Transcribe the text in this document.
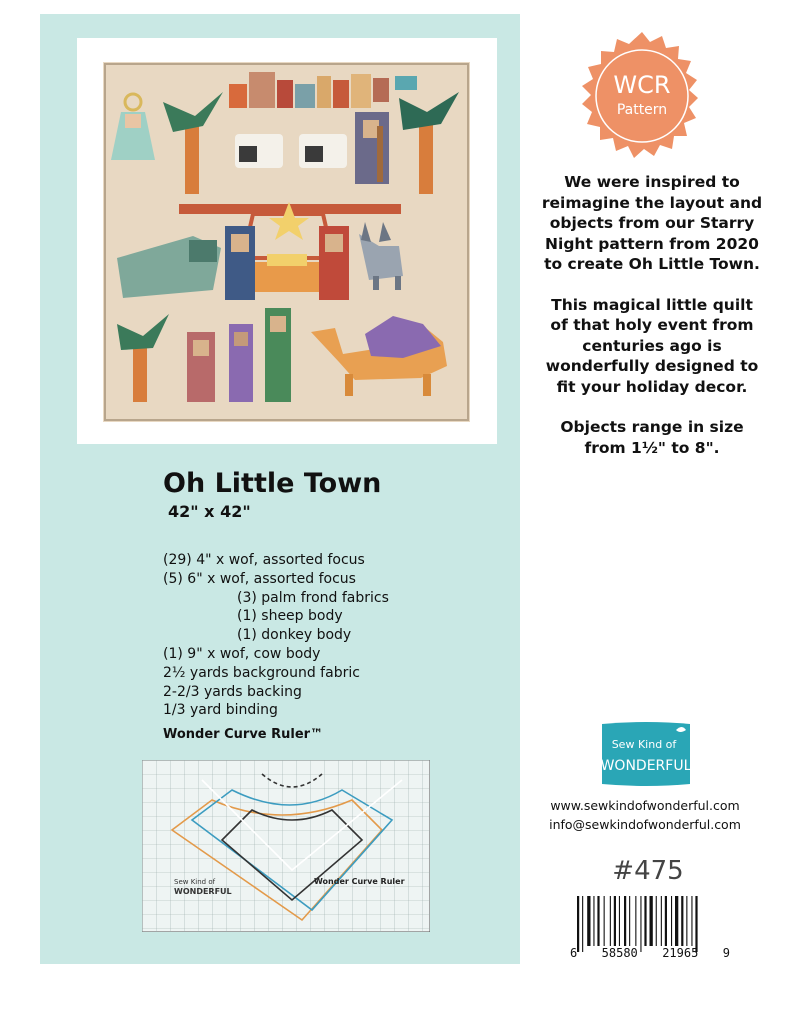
Oh Little Town
42" x 42"
(29) 4" x wof, assorted focus
(5) 6" x wof, assorted focus
(3) palm frond fabrics
(1) sheep body
(1) donkey body
(1) 9" x wof, cow body
2½ yards background fabric
2-2/3 yards backing
1/3 yard binding
Wonder Curve Ruler™
Sew Kind of
WONDERFUL
Wonder Curve Ruler
WCR
Pattern

We were inspired to reimagine the layout and objects from our Starry Night pattern from 2020 to create Oh Little Town.

This magical little quilt of that holy event from centuries ago is wonderfully designed to fit your holiday decor.

Objects range in size from 1½" to 8".

Sew Kind of
WONDERFUL
www.sewkindofwonderful.com
info@sewkindofwonderful.com
#475
6 58580 21965 9
